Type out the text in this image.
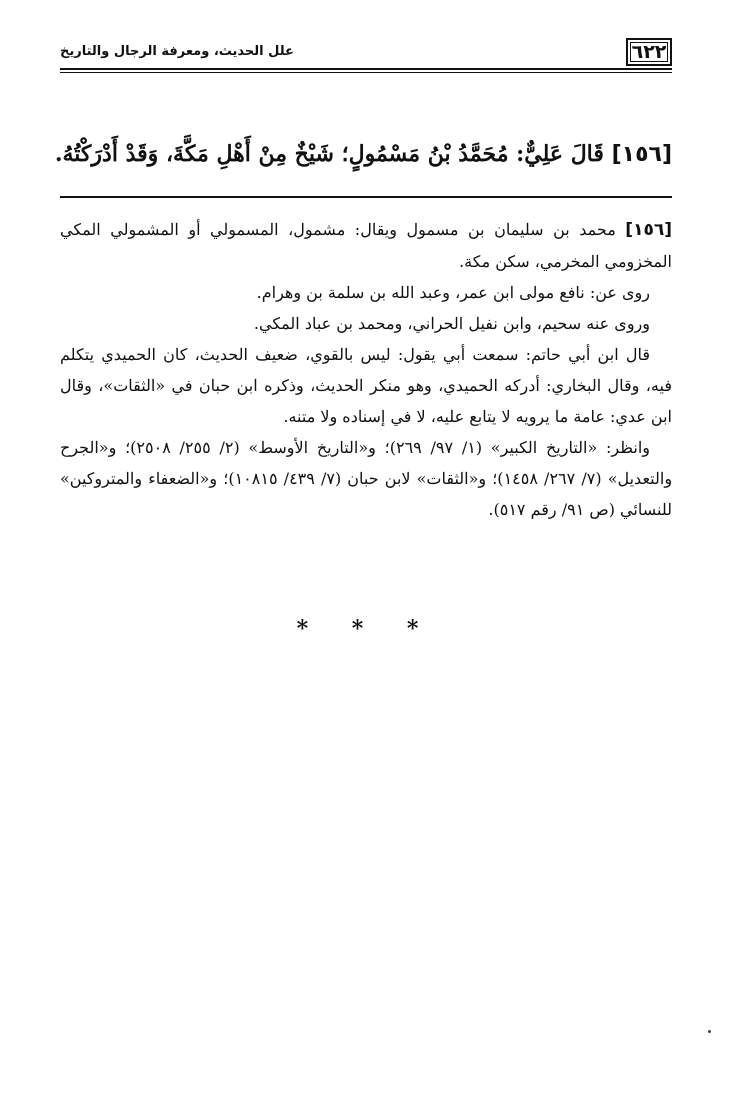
٦٢٢
علل الحديث، ومعرفة الرجال والتاريخ
[١٥٦] قَالَ عَلِيٌّ: مُحَمَّدُ بْنُ مَسْمُولٍ؛ شَيْخٌ مِنْ أَهْلِ مَكَّةَ، وَقَدْ أَدْرَكْتُهُ.

[١٥٦] محمد بن سليمان بن مسمول ويقال: مشمول، المسمولي أو المشمولي المكي المخزومي المخرمي، سكن مكة.

روى عن: نافع مولى ابن عمر، وعبد الله بن سلمة بن وهرام.

وروى عنه سحيم، وابن نفيل الحراني، ومحمد بن عباد المكي.

قال ابن أبي حاتم: سمعت أبي يقول: ليس بالقوي، ضعيف الحديث، كان الحميدي يتكلم فيه، وقال البخاري: أدركه الحميدي، وهو منكر الحديث، وذكره ابن حبان في «الثقات»، وقال ابن عدي: عامة ما يرويه لا يتابع عليه، لا في إسناده ولا متنه.

وانظر: «التاريخ الكبير» (١/ ٩٧/ ٢٦٩)؛ و«التاريخ الأوسط» (٢/ ٢٥٥/ ٢٥٠٨)؛ و«الجرح والتعديل» (٧/ ٢٦٧/ ١٤٥٨)؛ و«الثقات» لابن حبان (٧/ ٤٣٩/ ١٠٨١٥)؛ و«الضعفاء والمتروكين» للنسائي (ص ٩١/ رقم ٥١٧).

* * *
